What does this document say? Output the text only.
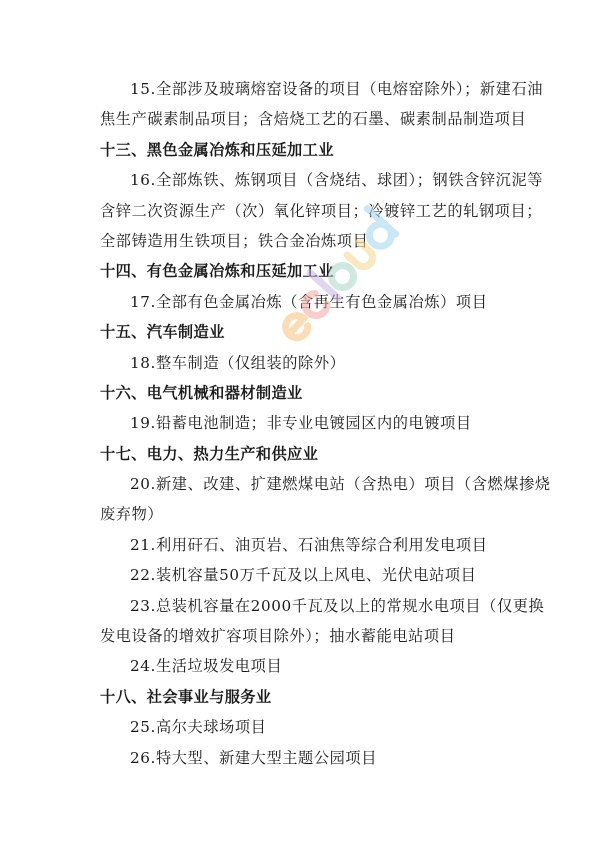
15.全部涉及玻璃熔窑设备的项目（电熔窑除外）；新建石油
焦生产碳素制品项目；含焙烧工艺的石墨、碳素制品制造项目
十三、黑色金属冶炼和压延加工业
16.全部炼铁、炼钢项目（含烧结、球团）；钢铁含锌沉泥等
含锌二次资源生产（次）氧化锌项目；冷镀锌工艺的轧钢项目；
全部铸造用生铁项目；铁合金冶炼项目
十四、有色金属冶炼和压延加工业
17.全部有色金属冶炼（含再生有色金属冶炼）项目
十五、汽车制造业
18.整车制造（仅组装的除外）
十六、电气机械和器材制造业
19.铅蓄电池制造；非专业电镀园区内的电镀项目
十七、电力、热力生产和供应业
20.新建、改建、扩建燃煤电站（含热电）项目（含燃煤掺烧
废弃物）
21.利用矸石、油页岩、石油焦等综合利用发电项目
22.装机容量50万千瓦及以上风电、光伏电站项目
23.总装机容量在2000千瓦及以上的常规水电项目（仅更换
发电设备的增效扩容项目除外）；抽水蓄能电站项目
24.生活垃圾发电项目
十八、社会事业与服务业
25.高尔夫球场项目
26.特大型、新建大型主题公园项目
